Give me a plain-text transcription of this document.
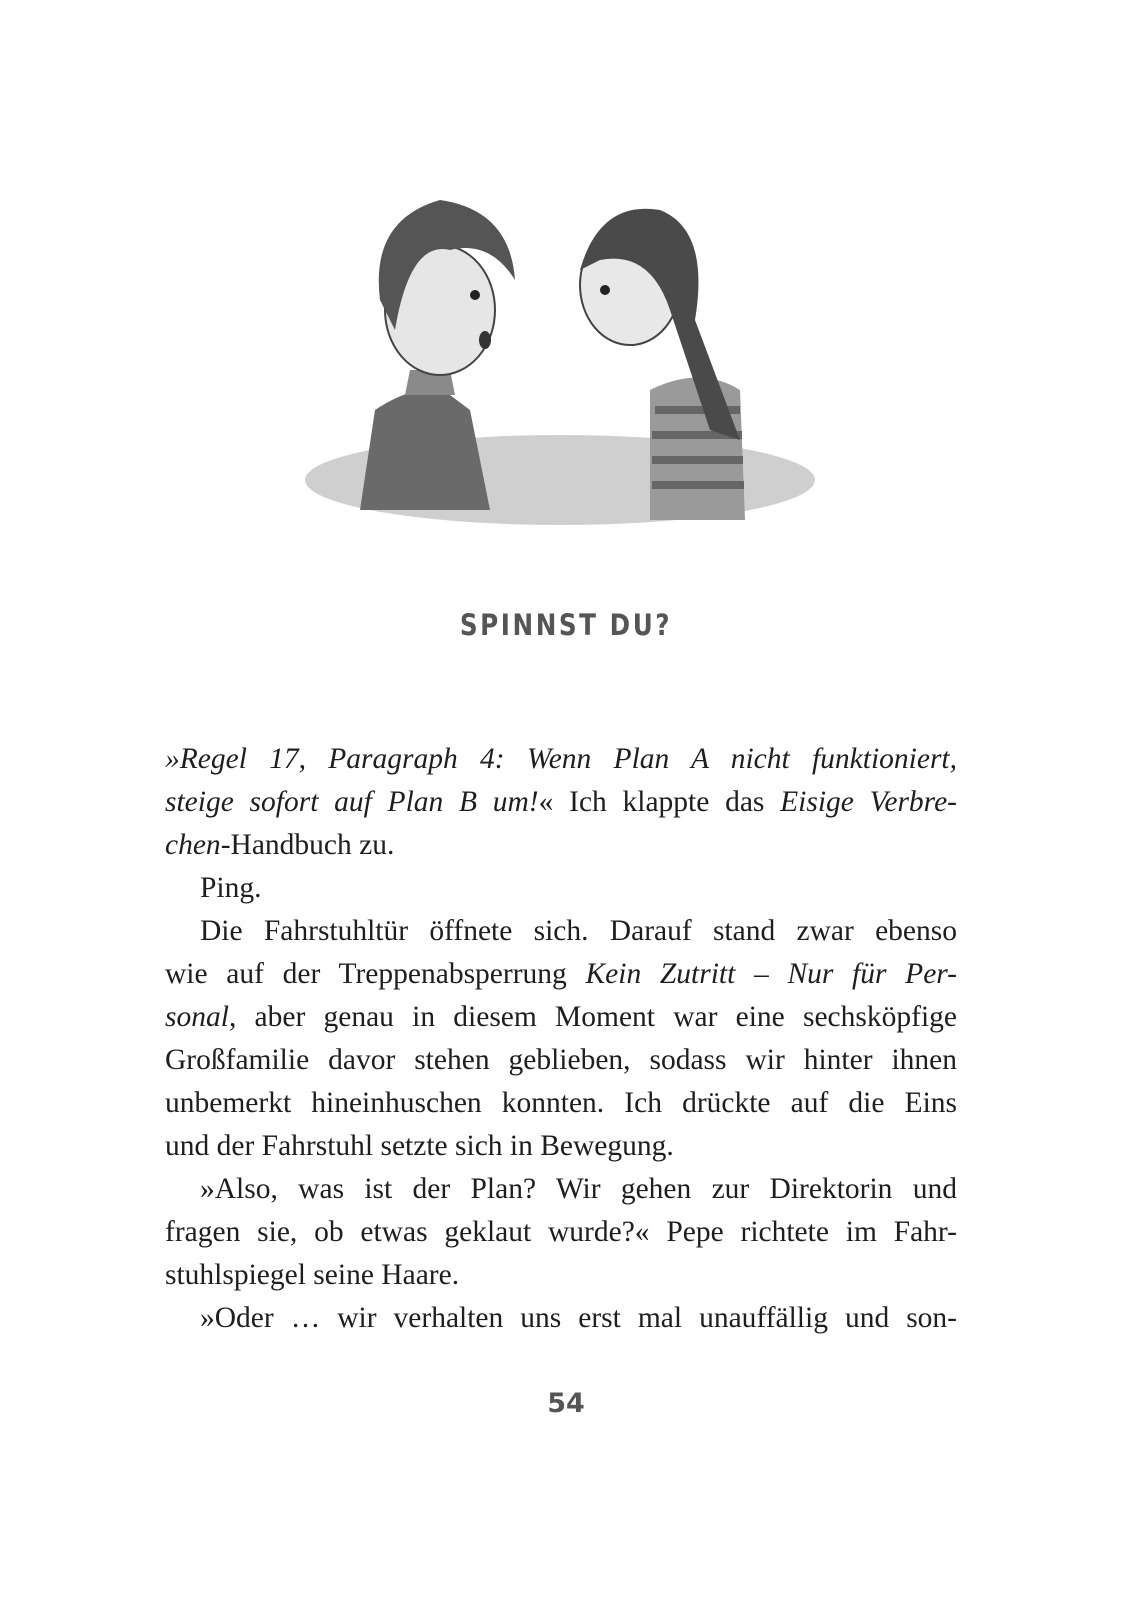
SPINNST DU?
»Regel 17, Paragraph 4: Wenn Plan A nicht funktioniert,
steige sofort auf Plan B um!« Ich klappte das Eisige Verbre-
chen-Handbuch zu.
Ping.
Die Fahrstuhltür öffnete sich. Darauf stand zwar ebenso
wie auf der Treppenabsperrung Kein Zutritt – Nur für Per-
sonal, aber genau in diesem Moment war eine sechsköpfige
Großfamilie davor stehen geblieben, sodass wir hinter ihnen
unbemerkt hineinhuschen konnten. Ich drückte auf die Eins
und der Fahrstuhl setzte sich in Bewegung.
»Also, was ist der Plan? Wir gehen zur Direktorin und
fragen sie, ob etwas geklaut wurde?« Pepe richtete im Fahr-
stuhlspiegel seine Haare.
»Oder … wir verhalten uns erst mal unauffällig und son-
54
